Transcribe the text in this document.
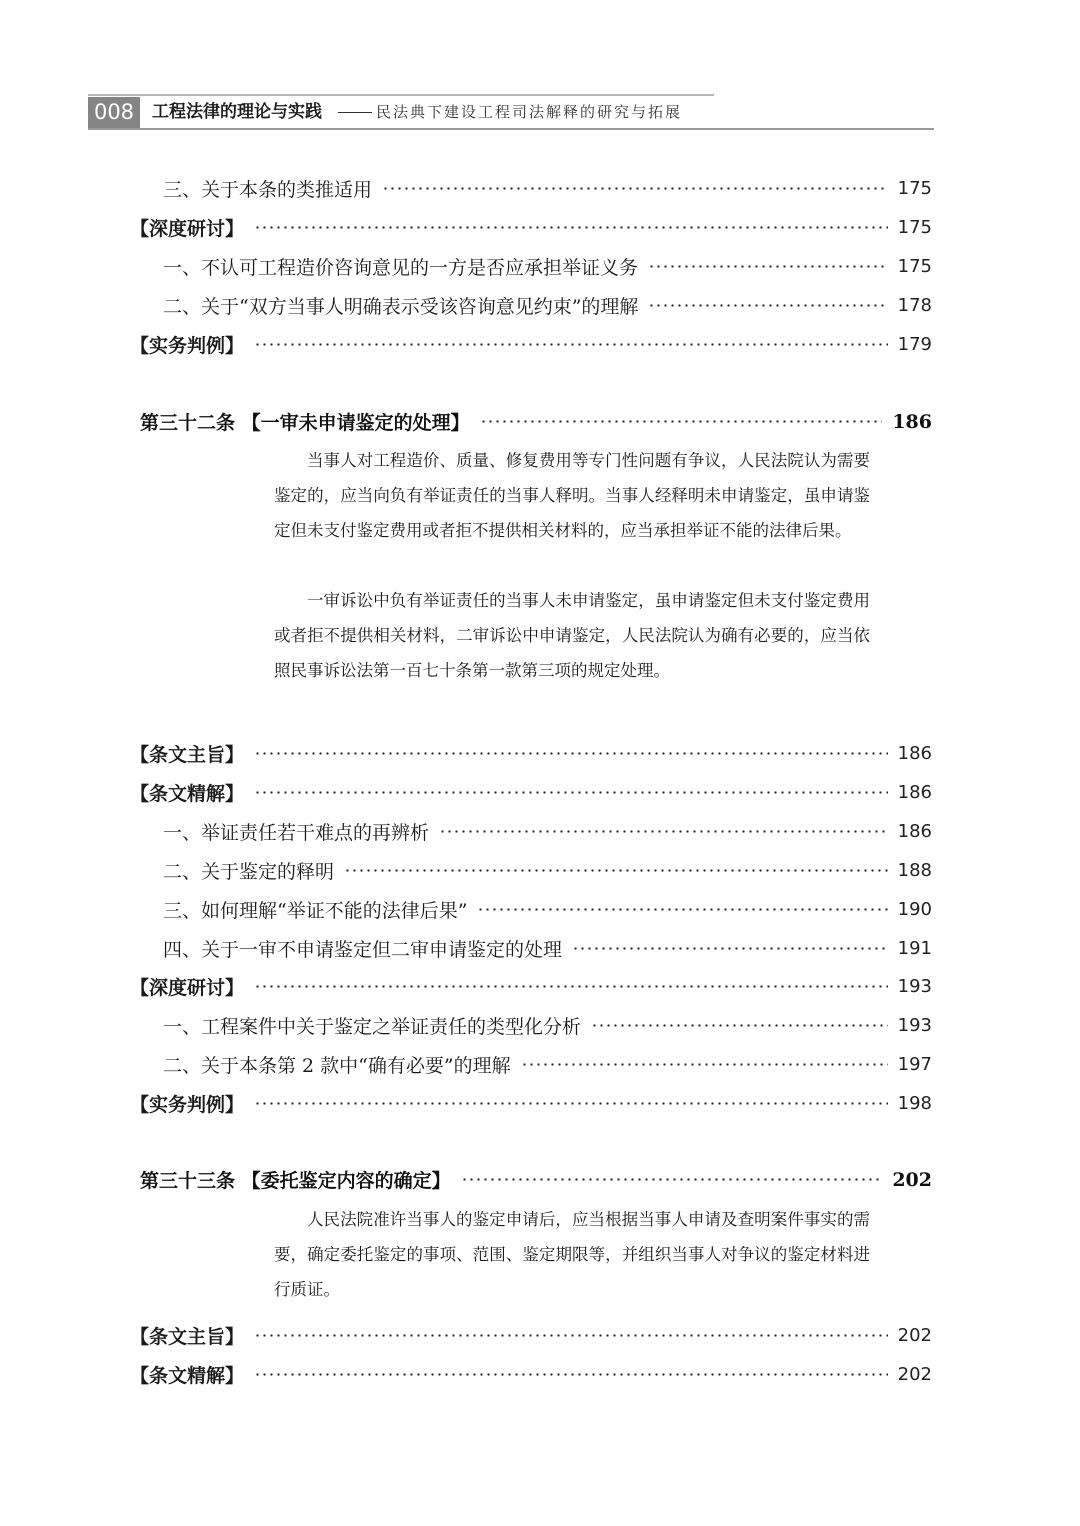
008	工程法律的理论与实践	民法典下建设工程司法解释的研究与拓展
三、关于本条的类推适用	175
【深度研讨】	175
一、不认可工程造价咨询意见的一方是否应承担举证义务	175
二、关于“双方当事人明确表示受该咨询意见约束”的理解	178
【实务判例】	179
第三十二条 【一审未申请鉴定的处理】	186

当事人对工程造价、质量、修复费用等专门性问题有争议，人民法院认为需要鉴定的，应当向负有举证责任的当事人释明。当事人经释明未申请鉴定，虽申请鉴定但未支付鉴定费用或者拒不提供相关材料的，应当承担举证不能的法律后果。

一审诉讼中负有举证责任的当事人未申请鉴定，虽申请鉴定但未支付鉴定费用或者拒不提供相关材料，二审诉讼中申请鉴定，人民法院认为确有必要的，应当依照民事诉讼法第一百七十条第一款第三项的规定处理。

【条文主旨】	186
【条文精解】	186
一、举证责任若干难点的再辨析	186
二、关于鉴定的释明	188
三、如何理解“举证不能的法律后果”	190
四、关于一审不申请鉴定但二审申请鉴定的处理	191
【深度研讨】	193
一、工程案件中关于鉴定之举证责任的类型化分析	193
二、关于本条第 2 款中“确有必要”的理解	197
【实务判例】	198
第三十三条 【委托鉴定内容的确定】	202

人民法院准许当事人的鉴定申请后，应当根据当事人申请及查明案件事实的需要，确定委托鉴定的事项、范围、鉴定期限等，并组织当事人对争议的鉴定材料进行质证。

【条文主旨】	202
【条文精解】	202
